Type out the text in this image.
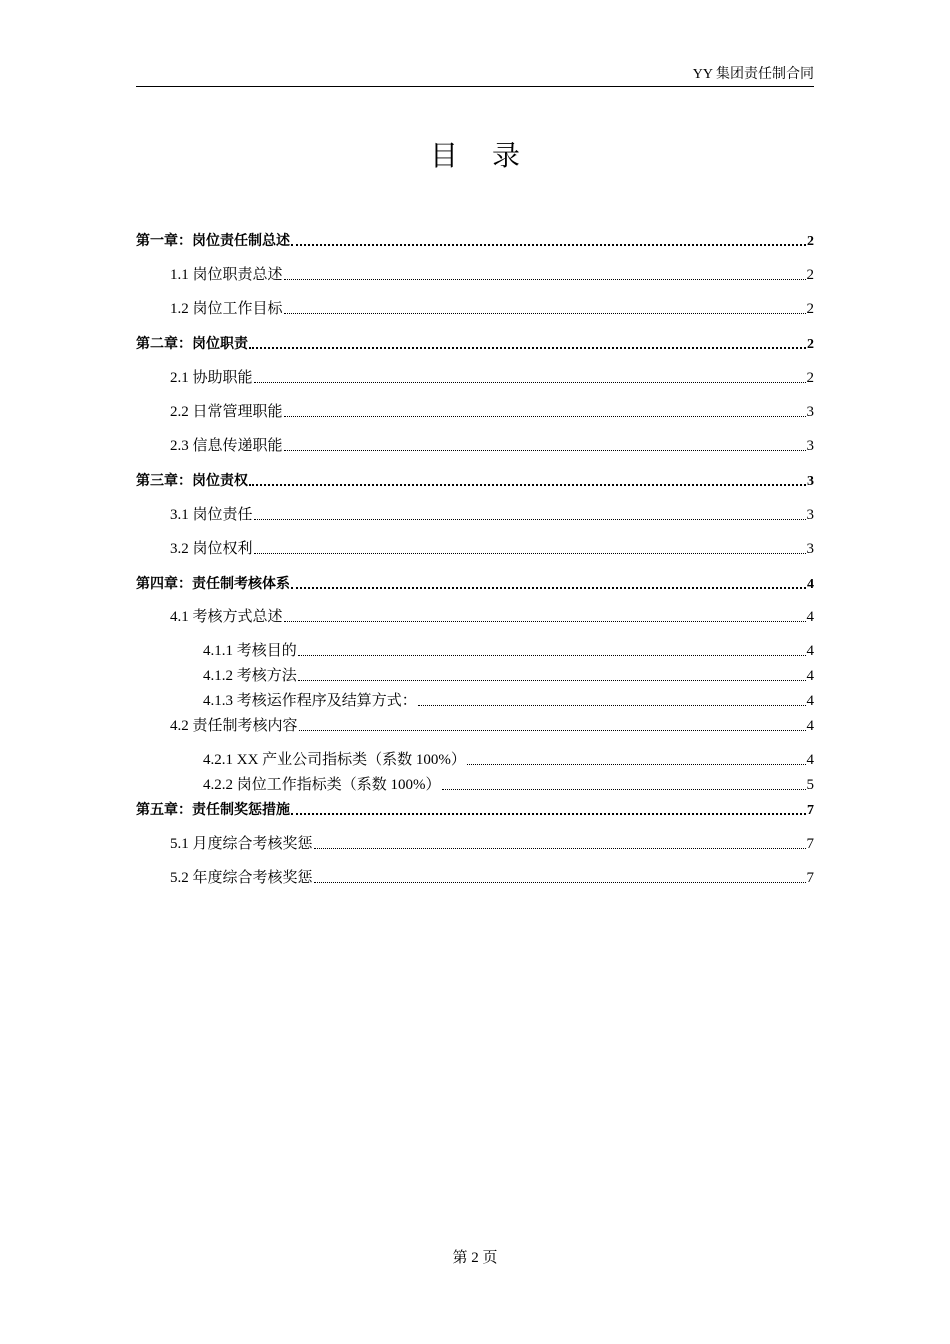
YY 集团责任制合同
目录
第一章：岗位责任制总述	2
1.1 岗位职责总述	2
1.2 岗位工作目标	2
第二章：岗位职责	2
2.1 协助职能	2
2.2 日常管理职能	3
2.3 信息传递职能	3
第三章：岗位责权	3
3.1 岗位责任	3
3.2 岗位权利	3
第四章：责任制考核体系	4
4.1 考核方式总述	4
4.1.1 考核目的	4
4.1.2 考核方法	4
4.1.3 考核运作程序及结算方式：	4
4.2 责任制考核内容	4
4.2.1 XX 产业公司指标类（系数 100%）	4
4.2.2 岗位工作指标类（系数 100%）	5
第五章：责任制奖惩措施	7
5.1 月度综合考核奖惩	7
5.2 年度综合考核奖惩	7
第 2 页
